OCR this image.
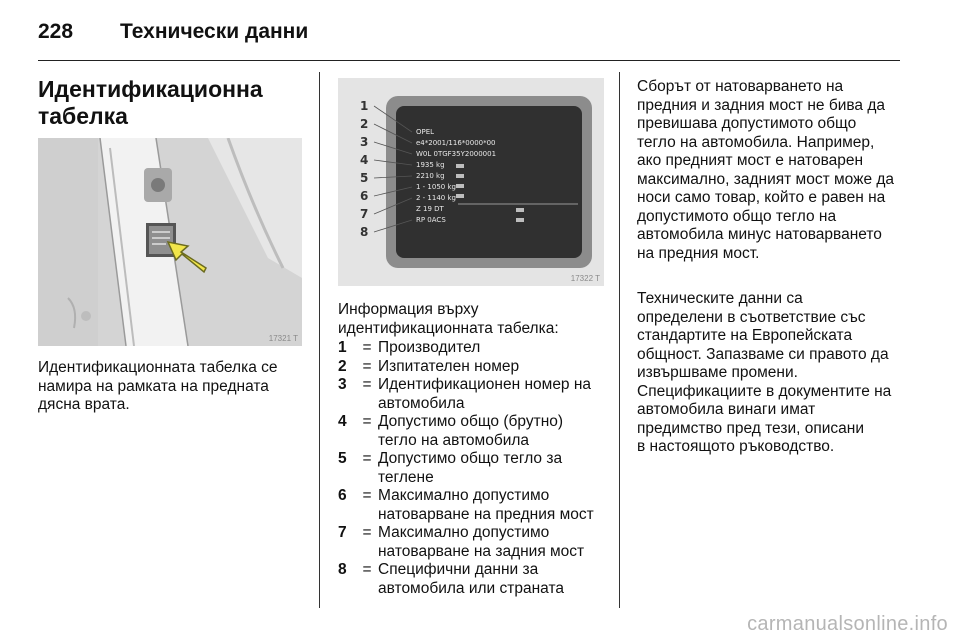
228 Технически данни
Идентификационна
табелка
17321 T
Идентификационната табелка се
намира на рамката на предната
дясна врата.
OPEL
e4*2001/116*0000*00
W0L 0TGF35Y2000001
1935 kg
2210 kg
1 - 1050 kg
2 - 1140 kg
Z 19 DT
RP 0ACS
1
2
3
4
5
6
7
8
17322 T
Информация върху
идентификационната табелка:
1	= Производител
2	= Изпитателен номер
3	= Идентификационен номер на
автомобила
4	= Допустимо общо (брутно)
тегло на автомобила
5	= Допустимо общо тегло за
теглене
6	= Максимално допустимо
натоварване на предния мост
7	= Максимално допустимо
натоварване на задния мост
8	= Специфични данни за
автомобила или страната
Сборът от натоварването на
предния и задния мост не бива да
превишава допустимото общо
тегло на автомобила. Например,
ако предният мост е натоварен
максимално, задният мост може да
носи само товар, който е равен на
допустимото общо тегло на
автомобила минус натоварването
на предния мост.
Техническите данни са
определени в съответствие със
стандартите на Европейската
общност. Запазваме си правото да
извършваме промени.
Спецификациите в документите на
автомобила винаги имат
предимство пред тези, описани
в настоящото ръководство.
carmanualsonline.info
